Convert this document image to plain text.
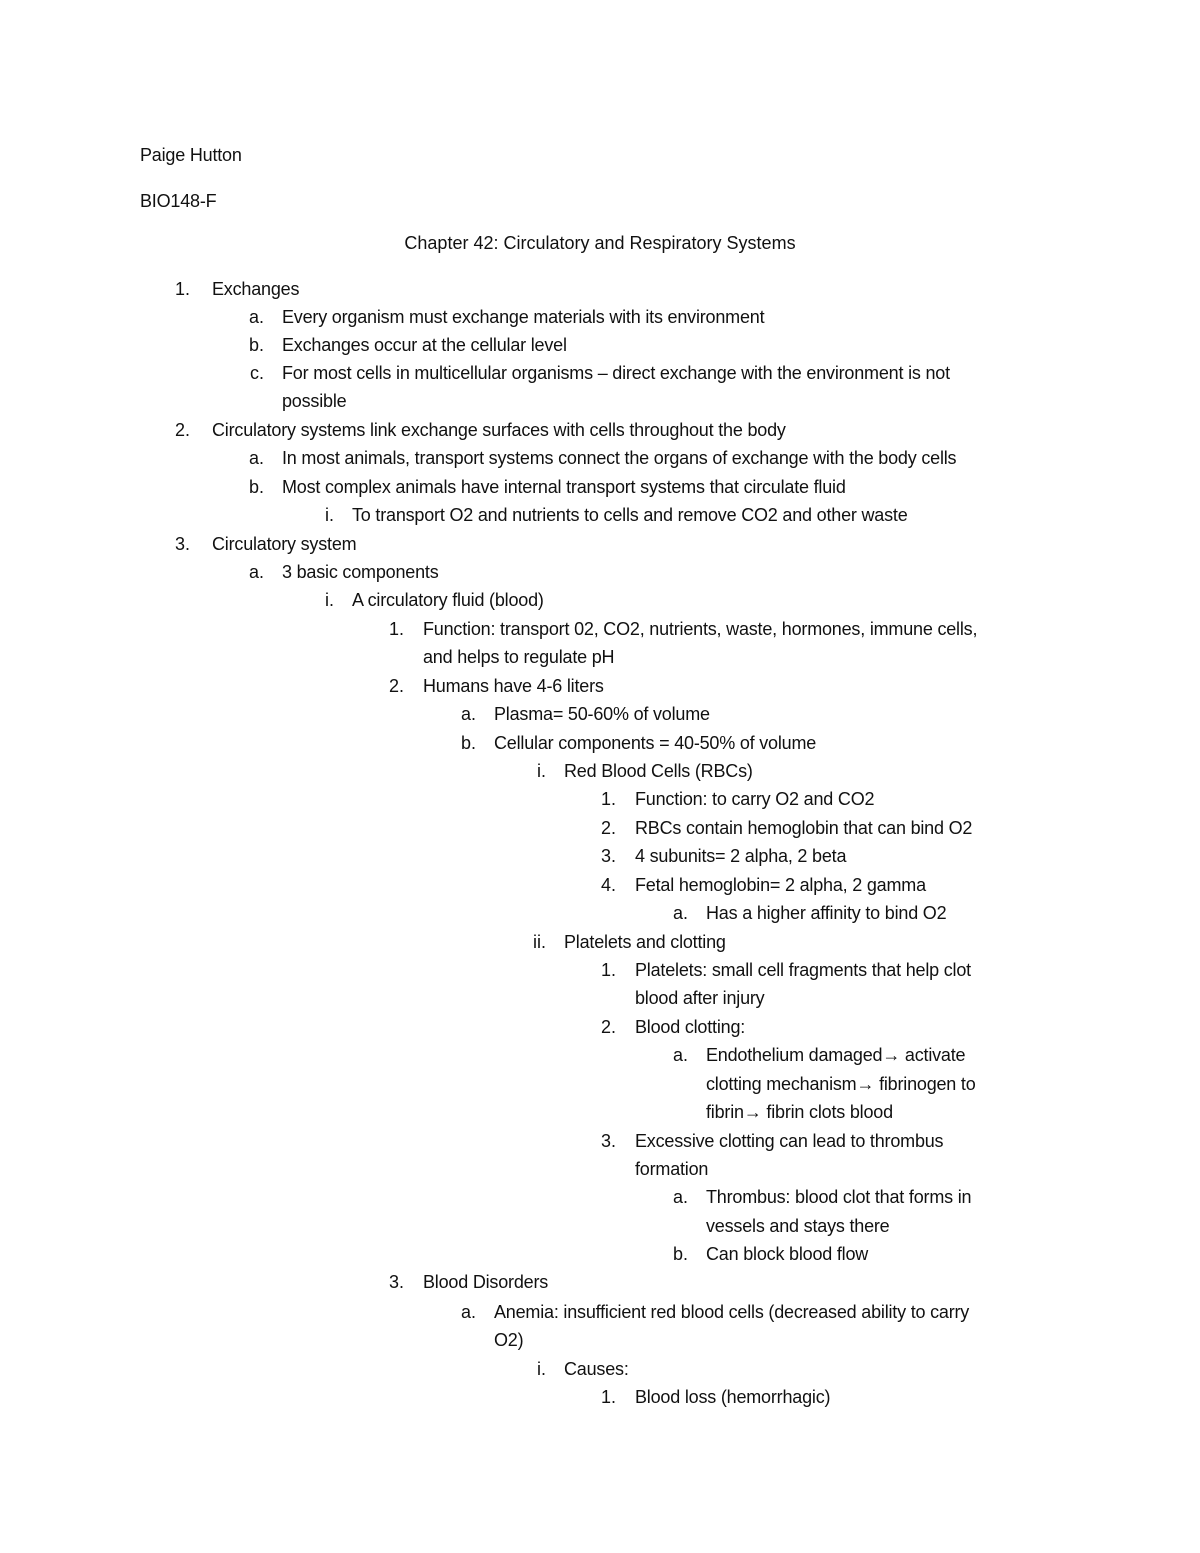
Paige Hutton
BIO148-F
Chapter 42: Circulatory and Respiratory Systems
1. Exchanges
a. Every organism must exchange materials with its environment
b. Exchanges occur at the cellular level
c. For most cells in multicellular organisms – direct exchange with the environment is not
possible
2. Circulatory systems link exchange surfaces with cells throughout the body
a. In most animals, transport systems connect the organs of exchange with the body cells
b. Most complex animals have internal transport systems that circulate fluid
i. To transport O2 and nutrients to cells and remove CO2 and other waste
3. Circulatory system
a. 3 basic components
i. A circulatory fluid (blood)
1. Function: transport 02, CO2, nutrients, waste, hormones, immune cells,
and helps to regulate pH
2. Humans have 4-6 liters
a. Plasma= 50-60% of volume
b. Cellular components = 40-50% of volume
i. Red Blood Cells (RBCs)
1. Function: to carry O2 and CO2
2. RBCs contain hemoglobin that can bind O2
3. 4 subunits= 2 alpha, 2 beta
4. Fetal hemoglobin= 2 alpha, 2 gamma
a. Has a higher affinity to bind O2
ii. Platelets and clotting
1. Platelets: small cell fragments that help clot
blood after injury
2. Blood clotting:
a. Endothelium damaged→ activate
clotting mechanism→ fibrinogen to
fibrin→ fibrin clots blood
3. Excessive clotting can lead to thrombus
formation
a. Thrombus: blood clot that forms in
vessels and stays there
b. Can block blood flow
3. Blood Disorders
a. Anemia: insufficient red blood cells (decreased ability to carry
O2)
i. Causes:
1. Blood loss (hemorrhagic)
